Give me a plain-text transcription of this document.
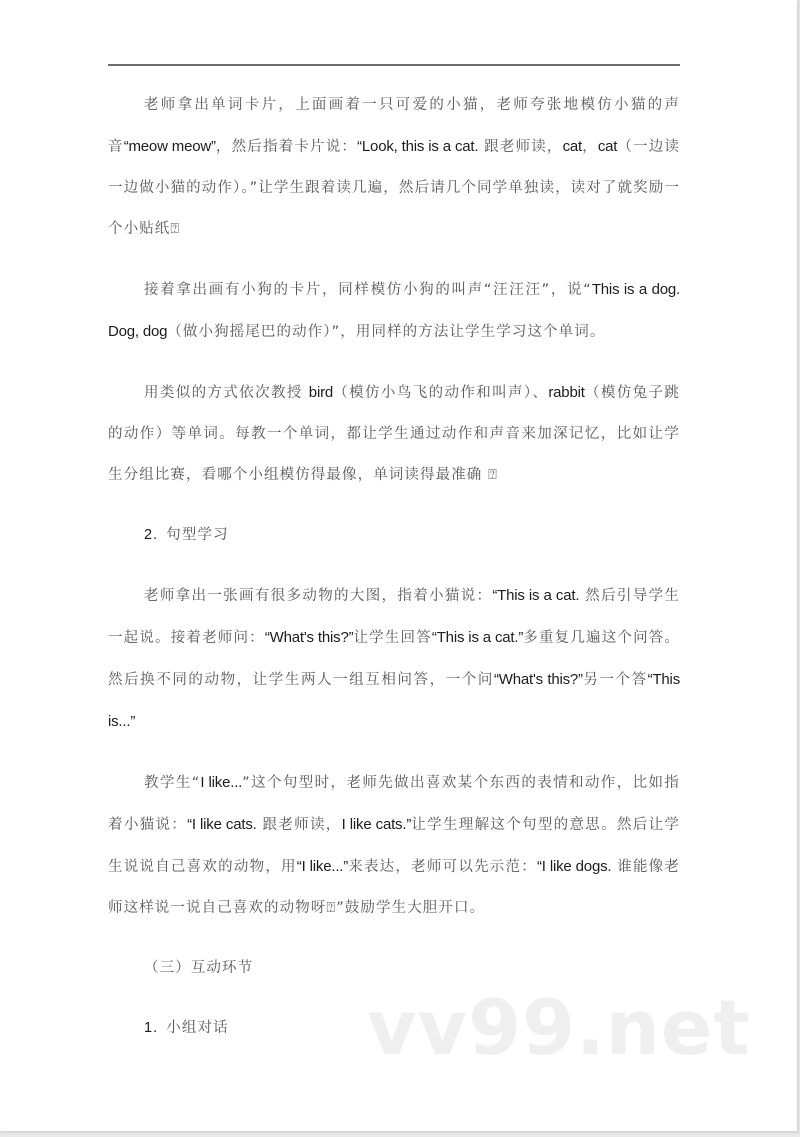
老师拿出单词卡片，上面画着一只可爱的小猫，老师夸张地模仿小猫的声音“meow meow”，然后指着卡片说：“Look, this is a cat. 跟老师读，cat，cat（一边读一边做小猫的动作）。”让学生跟着读几遍，然后请几个同学单独读，读对了就奖励一个小贴纸⍰

接着拿出画有小狗的卡片，同样模仿小狗的叫声“汪汪汪”，说“This is a dog. Dog, dog（做小狗摇尾巴的动作）”，用同样的方法让学生学习这个单词。

用类似的方式依次教授 bird（模仿小鸟飞的动作和叫声）、rabbit（模仿兔子跳的动作）等单词。每教一个单词，都让学生通过动作和声音来加深记忆，比如让学生分组比赛，看哪个小组模仿得最像，单词读得最准确 ⍰

2. 句型学习

老师拿出一张画有很多动物的大图，指着小猫说：“This is a cat. 然后引导学生一起说。接着老师问：“What's this?”让学生回答“This is a cat.”多重复几遍这个问答。然后换不同的动物，让学生两人一组互相问答，一个问“What's this?”另一个答“This is...”

教学生“I like...”这个句型时，老师先做出喜欢某个东西的表情和动作，比如指着小猫说：“I like cats. 跟老师读，I like cats.”让学生理解这个句型的意思。然后让学生说说自己喜欢的动物，用“I like...”来表达，老师可以先示范：“I like dogs. 谁能像老师这样说一说自己喜欢的动物呀⍰”鼓励学生大胆开口。

（三）互动环节

1. 小组对话	vv99.net
